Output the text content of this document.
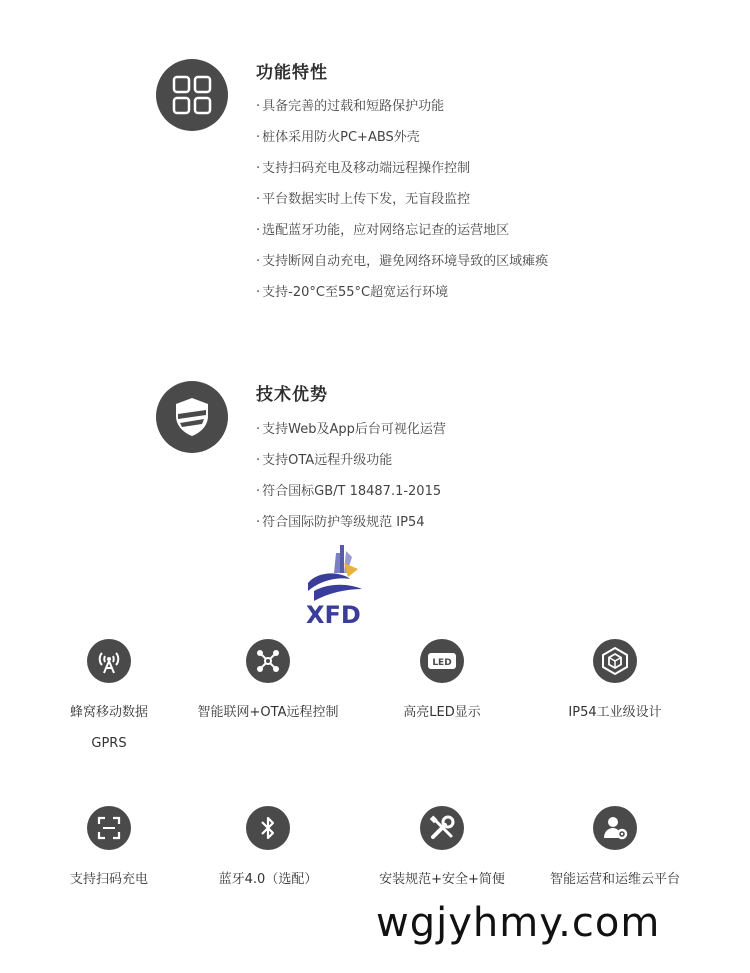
功能特性
· 具备完善的过载和短路保护功能
· 桩体采用防火PC+ABS外壳
· 支持扫码充电及移动端远程操作控制
· 平台数据实时上传下发，无盲段监控
· 选配蓝牙功能，应对网络忘记查的运营地区
· 支持断网自动充电，避免网络环境导致的区域瘫痪
· 支持-20°C至55°C超宽运行环境
技术优势
· 支持Web及App后台可视化运营
· 支持OTA远程升级功能
· 符合国标GB/T 18487.1-2015
· 符合国际防护等级规范 IP54
XFD
蜂窝移动数据
GPRS
智能联网+OTA远程控制
LED
高亮LED显示	IP54工业级设计
支持扫码充电	蓝牙4.0（选配）	安装规范+安全+简便	智能运营和运维云平台
wgjyhmy.com
